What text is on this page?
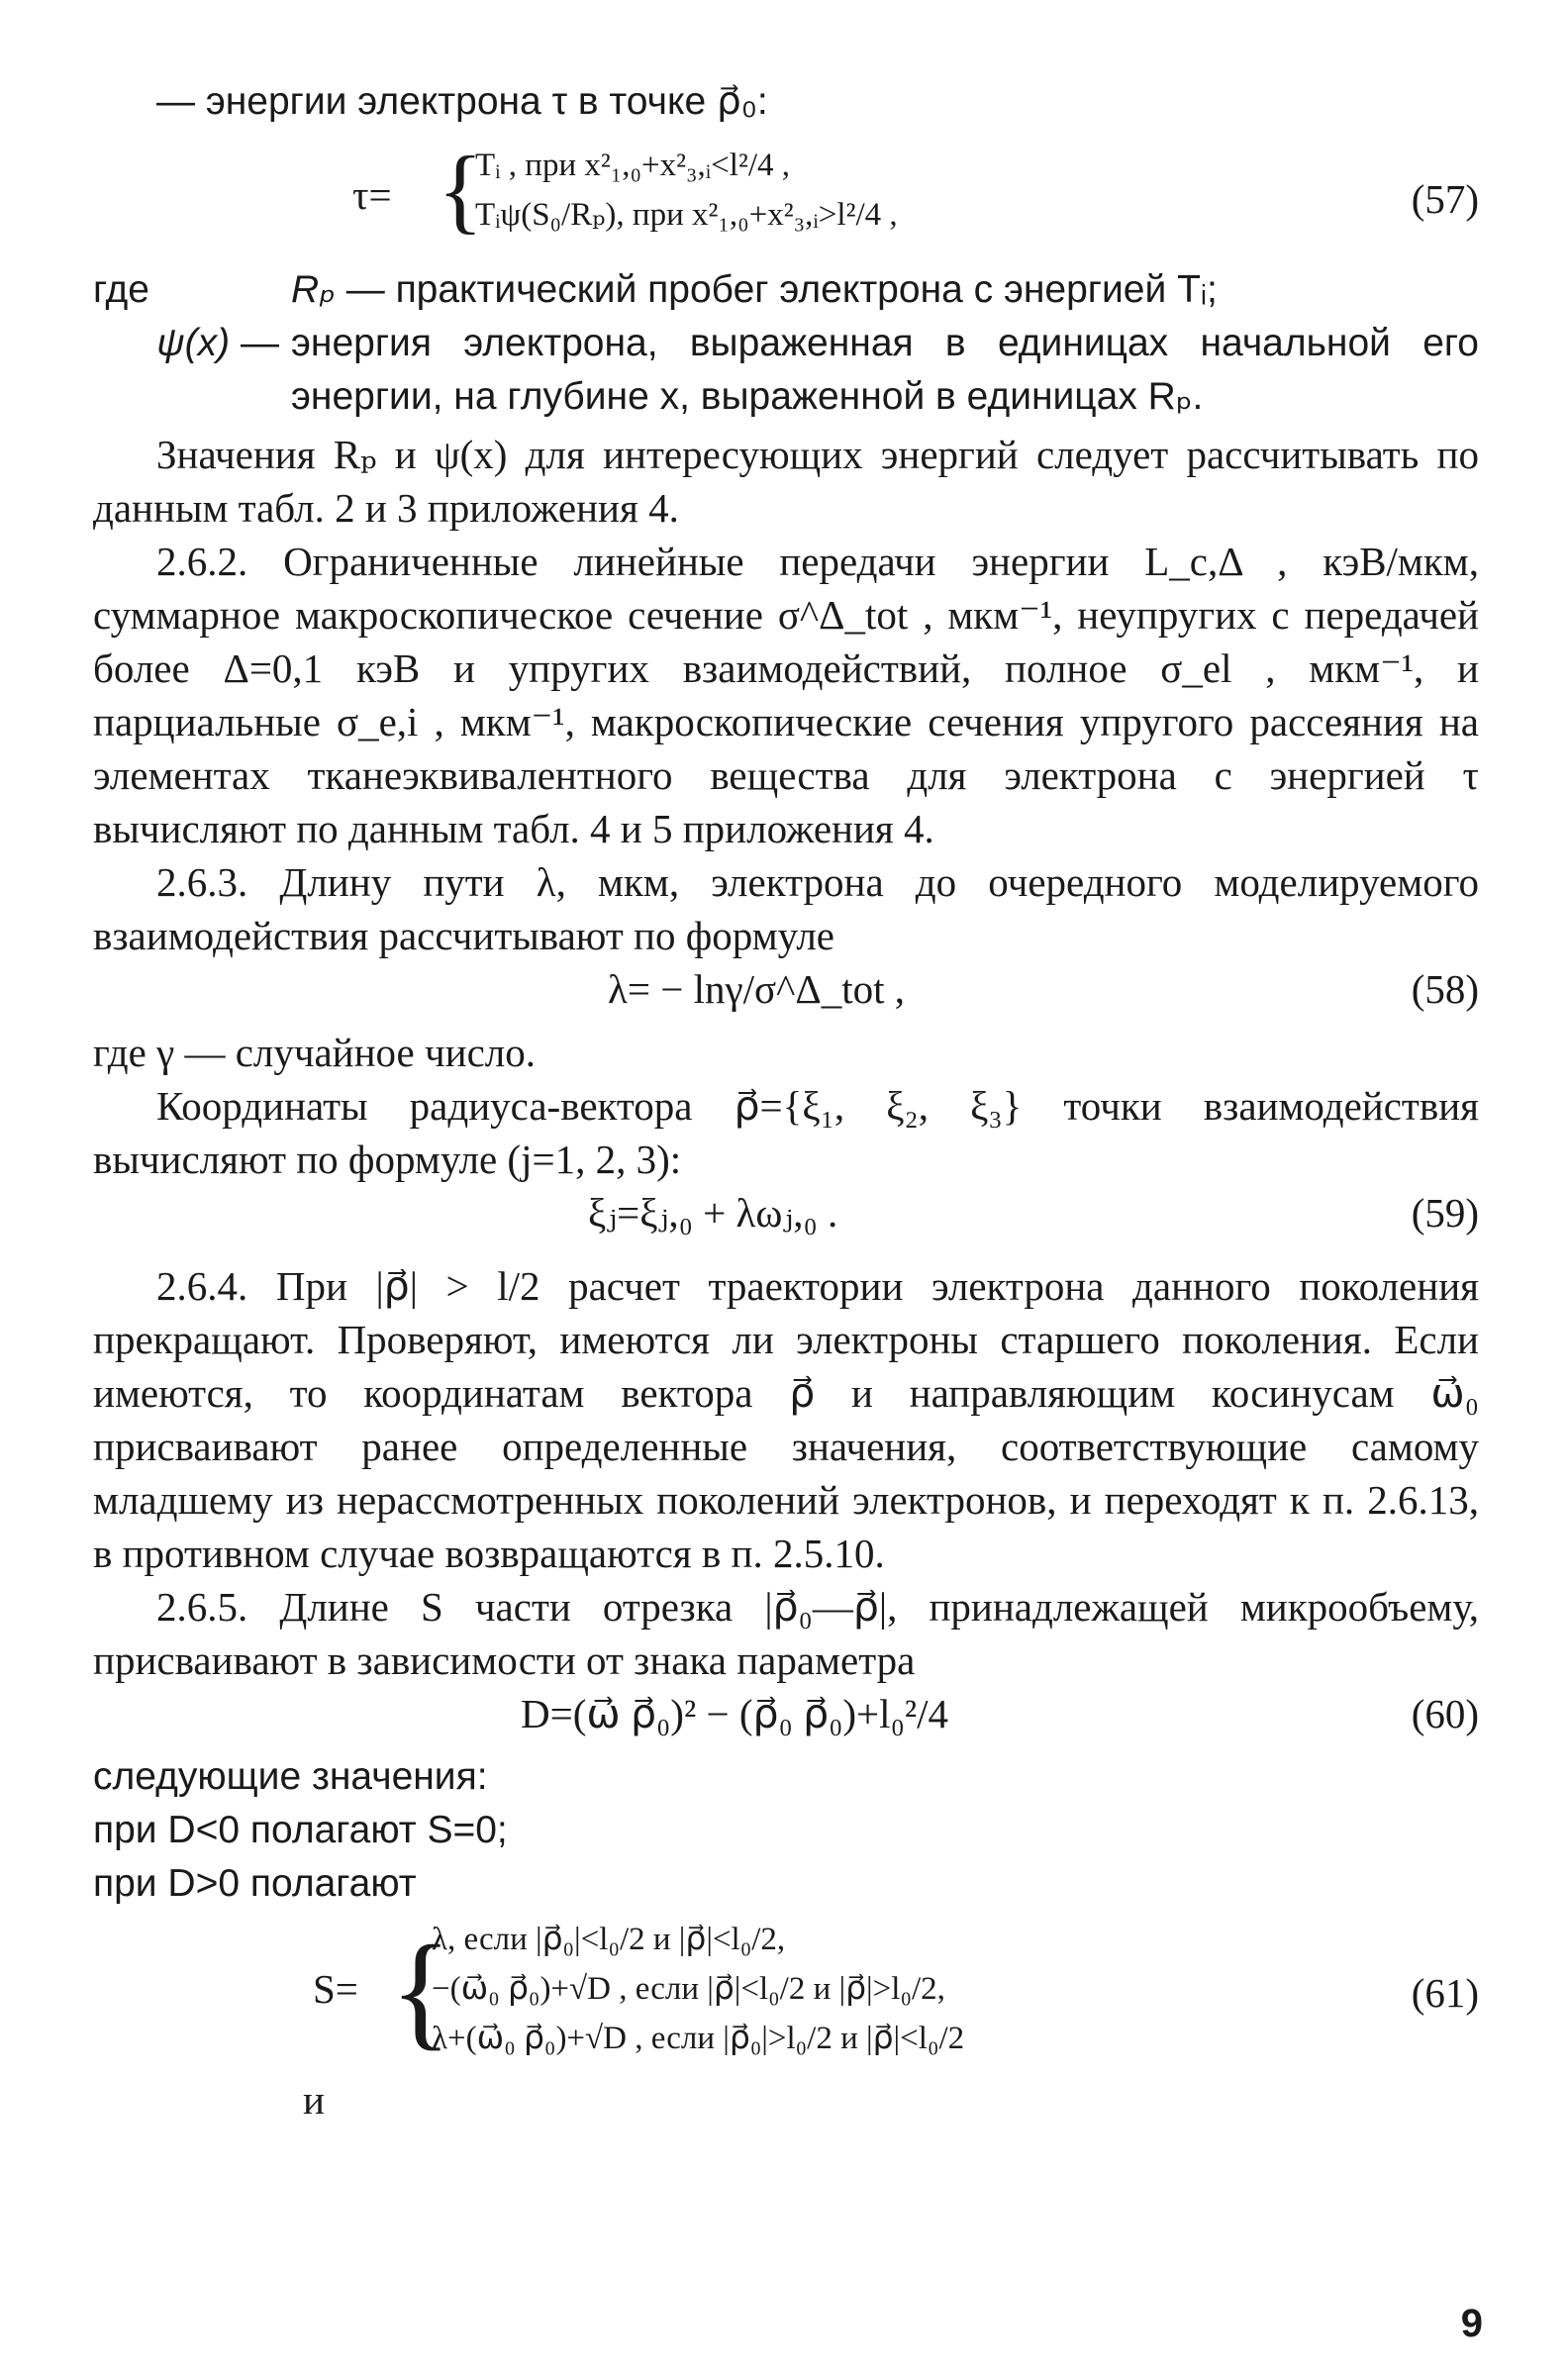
— энергии электрона τ в точке ρ⃗₀:

τ= {
Tᵢ , при x²₁,₀+x²₃,ᵢ<l²/4 ,
Tᵢψ(S₀/Rₚ), при x²₁,₀+x²₃,ᵢ>l²/4 ,	(57)
где	Rₚ — практический пробег электрона с энергией Tᵢ;
ψ(x) — энергия электрона, выраженная в единицах начальной его энергии, на глубине x, выраженной в единицах Rₚ.

Значения Rₚ и ψ(x) для интересующих энергий следует рассчитывать по данным табл. 2 и 3 приложения 4.

2.6.2. Ограниченные линейные передачи энергии L_c,Δ , кэВ/мкм, суммарное макроскопическое сечение σ^Δ_tot , мкм⁻¹, неупругих с передачей более Δ=0,1 кэВ и упругих взаимодействий, полное σ_el , мкм⁻¹, и парциальные σ_e,i , мкм⁻¹, макроскопические сечения упругого рассеяния на элементах тканеэквивалентного вещества для электрона с энергией τ вычисляют по данным табл. 4 и 5 приложения 4.

2.6.3. Длину пути λ, мкм, электрона до очередного моделируемого взаимодействия рассчитывают по формуле

λ= − lnγ/σ^Δ_tot ,	(58)

где γ — случайное число.

Координаты радиуса-вектора ρ⃗={ξ₁, ξ₂, ξ₃} точки взаимодействия вычисляют по формуле (j=1, 2, 3):

ξⱼ=ξⱼ,₀ + λωⱼ,₀ .	(59)

2.6.4. При |ρ⃗| > l/2 расчет траектории электрона данного поколения прекращают. Проверяют, имеются ли электроны старшего поколения. Если имеются, то координатам вектора ρ⃗ и направляющим косинусам ω⃗₀ присваивают ранее определенные значения, соответствующие самому младшему из нерассмотренных поколений электронов, и переходят к п. 2.6.13, в противном случае возвращаются в п. 2.5.10.

2.6.5. Длине S части отрезка |ρ⃗₀—ρ⃗|, принадлежащей микрообъему, присваивают в зависимости от знака параметра

D=(ω⃗ ρ⃗₀)² − (ρ⃗₀ ρ⃗₀)+l₀²/4	(60)

следующие значения:

при D<0 полагают S=0;

при D>0 полагают

S= {
λ, если |ρ⃗₀|<l₀/2 и |ρ⃗|<l₀/2,
−(ω⃗₀ ρ⃗₀)+√D , если |ρ⃗|<l₀/2 и |ρ⃗|>l₀/2,
λ+(ω⃗₀ ρ⃗₀)+√D , если |ρ⃗₀|>l₀/2 и |ρ⃗|<l₀/2
(61)

и

9
